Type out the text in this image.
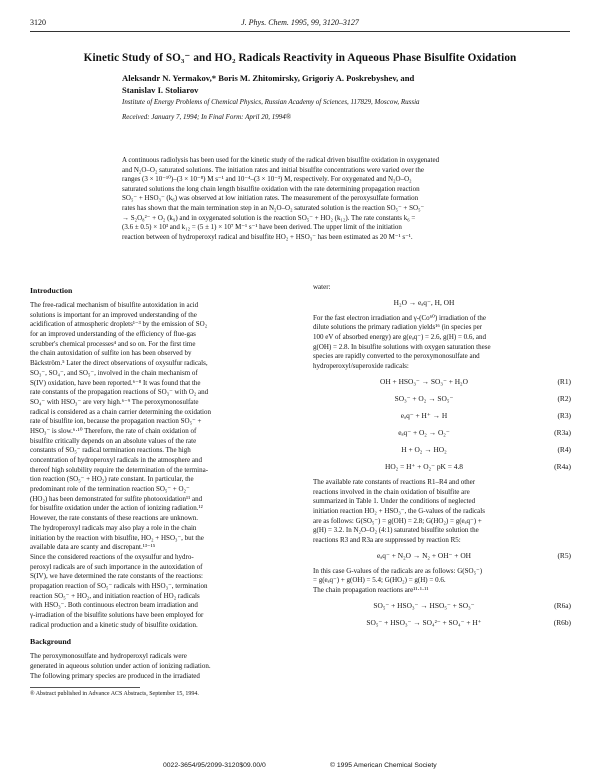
3120	J. Phys. Chem. 1995, 99, 3120–3127
Kinetic Study of SO₃⁻ and HO₂ Radicals Reactivity in Aqueous Phase Bisulfite Oxidation
Aleksandr N. Yermakov,* Boris M. Zhitomirsky, Grigoriy A. Poskrebyshev, and
Stanislav I. Stoliarov
Institute of Energy Problems of Chemical Physics, Russian Academy of Sciences, 117829, Moscow, Russia
Received: January 7, 1994; In Final Form: April 20, 1994®
A continuous radiolysis has been used for the kinetic study of the radical driven bisulfite oxidation in oxygenated
and N₂O–O₂ saturated solutions. The initiation rates and initial bisulfite concentrations were varied over the
ranges (3 × 10⁻¹⁰)–(3 × 10⁻⁸) M s⁻¹ and 10⁻⁴–(3 × 10⁻³) M, respectively. For oxygenated and N₂O–O₂
saturated solutions the long chain length bisulfite oxidation with the rate determining propagation reaction
SO₅⁻ + HSO₃⁻ (k₆) was observed at low initiation rates. The measurement of the peroxysulfate formation
rates has shown that the main termination step in an N₂O–O₂ saturated solution is the reaction SO₅⁻ + SO₅⁻
→ S₂O₈²⁻ + O₂ (k₉) and in oxygenated solution is the reaction SO₅⁻ + HO₂ (k₁₂). The rate constants k₆ =
(3.6 ± 0.5) × 10³ and k₁₂ = (5 ± 1) × 10⁷ M⁻¹ s⁻¹ have been derived. The upper limit of the initiation
reaction between of hydroperoxyl radical and bisulfite HO₂ + HSO₃⁻ has been estimated as 20 M⁻¹ s⁻¹.
Introduction
The free-radical mechanism of bisulfite autoxidation in acid
solutions is important for an improved understanding of the
acidification of atmospheric droplets¹⁻³ by the emission of SO₂
for an improved understanding of the efficiency of flue-gas
scrubber's chemical processes⁴ and so on. For the first time
the chain autoxidation of sulfite ion has been observed by
Bäckström.⁵ Later the direct observations of oxysulfur radicals,
SO₃⁻, SO₄⁻, and SO₅⁻, involved in the chain mechanism of
S(IV) oxidation, have been reported.⁶⁻⁸ It was found that the
rate constants of the propagation reactions of SO₃⁻ with O₂ and
SO₄⁻ with HSO₃⁻ are very high.⁶⁻⁹ The peroxymonosulfate
radical is considered as a chain carrier determining the oxidation
rate of bisulfite ion, because the propagation reaction SO₅⁻ +
HSO₃⁻ is slow.⁶·¹⁰ Therefore, the rate of chain oxidation of
bisulfite critically depends on an absolute values of the rate
constants of SO₅⁻ radical termination reactions. The high
concentration of hydroperoxyl radicals in the atmosphere and
thereof high solubility require the determination of the termina-
tion reaction (SO₅⁻ + HO₂) rate constant. In particular, the
predominant role of the termination reaction SO₅⁻ + O₂⁻
(HO₂) has been demonstrated for sulfite photooxidation¹¹ and
for bisulfite oxidation under the action of ionizing radiation.¹²
However, the rate constants of these reactions are unknown.
The hydroperoxyl radicals may also play a role in the chain
initiation by the reaction with bisulfite, HO₂ + HSO₃⁻, but the
available data are scanty and discrepant.¹³⁻¹⁵
Since the considered reactions of the oxysulfur and hydro-
peroxyl radicals are of such importance in the autoxidation of
S(IV), we have determined the rate constants of the reactions:
propagation reaction of SO₅⁻ radicals with HSO₃⁻, termination
reaction SO₅⁻ + HO₂, and initiation reaction of HO₂ radicals
with HSO₃⁻. Both continuous electron beam irradiation and
γ-irradiation of the bisulfite solutions have been employed for
radical production and a kinetic study of bisulfite oxidation.
Background
The peroxymonosulfate and hydroperoxyl radicals were
generated in aqueous solution under action of ionizing radiation.
The following primary species are produced in the irradiated
® Abstract published in Advance ACS Abstracts, September 15, 1994.
water:
H₂O → eₐq⁻, H, OH
For the fast electron irradiation and γ-(Co⁶⁰) irradiation of the
dilute solutions the primary radiation yields¹⁶ (in species per
100 eV of absorbed energy) are g(eₐq⁻) = 2.6, g(H) = 0.6, and
g(OH) = 2.8. In bisulfite solutions with oxygen saturation these
species are rapidly converted to the peroxymonosulfate and
hydroperoxyl/superoxide radicals:
OH + HSO₃⁻ → SO₃⁻ + H₂O	(R1)
SO₃⁻ + O₂ → SO₅⁻	(R2)
eₐq⁻ + H⁺ → H	(R3)
eₐq⁻ + O₂ → O₂⁻	(R3a)
H + O₂ → HO₂	(R4)
HO₂ = H⁺ + O₂⁻ pK = 4.8	(R4a)
The available rate constants of reactions R1–R4 and other
reactions involved in the chain oxidation of bisulfite are
summarized in Table 1. Under the conditions of neglected
initiation reaction HO₂ + HSO₃⁻, the G-values of the radicals
are as follows: G(SO₅⁻) = g(OH) = 2.8; G(HO₂) = g(eₐq⁻) +
g(H) = 3.2. In N₂O–O₂ (4:1) saturated bisulfite solution the
reactions R3 and R3a are suppressed by reaction R5:
eₐq⁻ + N₂O → N₂ + OH⁻ + OH	(R5)
In this case G-values of the radicals are as follows: G(SO₅⁻)
= g(eₐq⁻) + g(OH) = 5.4; G(HO₂) = g(H) = 0.6.
The chain propagation reactions are¹¹·¹·¹¹
SO₅⁻ + HSO₃⁻ → HSO₅⁻ + SO₃⁻	(R6a)
SO₅⁻ + HSO₃⁻ → SO₄²⁻ + SO₄⁻ + H⁺	(R6b)
0022-3654/95/2099-3120$09.00/0	© 1995 American Chemical Society
